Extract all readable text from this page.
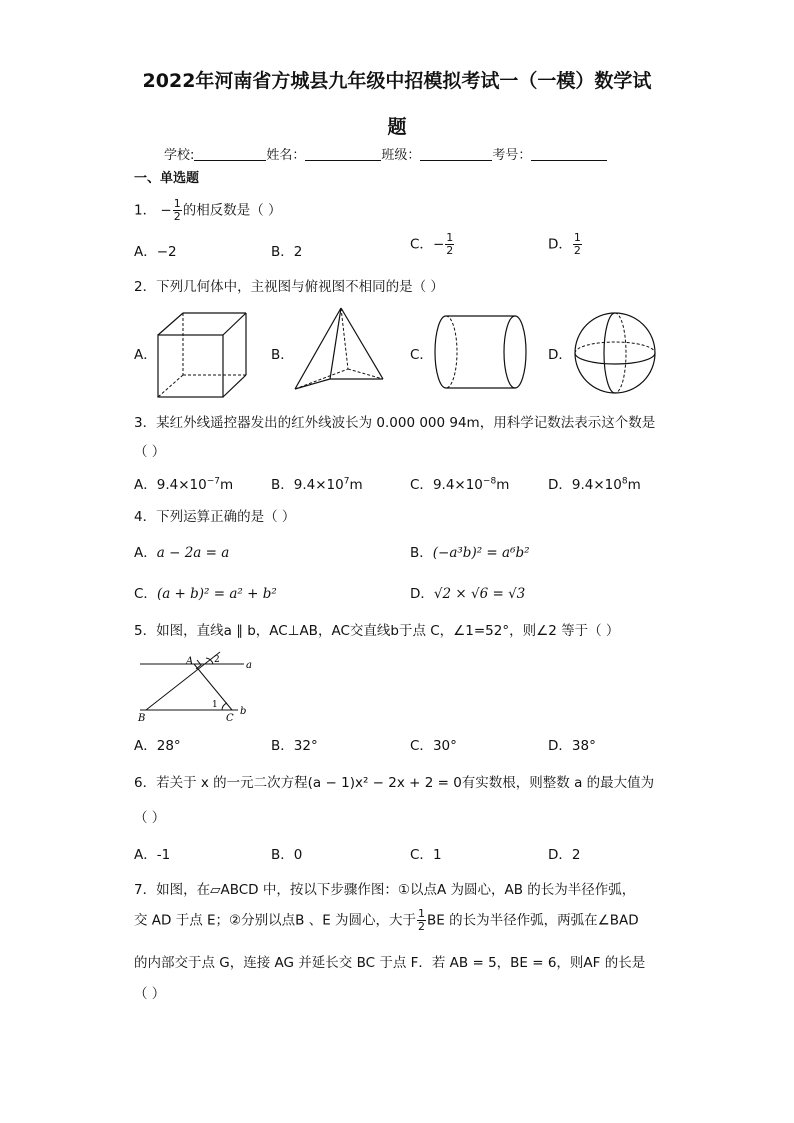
2022年河南省方城县九年级中招模拟考试一（一模）数学试
题
学校:	姓名：	班级：	考号：
一、单选题
1． − $\frac{1}{2}$ 的相反数是（ ）
A．−2	B．2	C．− $\frac{1}{2}$	D． $\frac{1}{2}$
2．下列几何体中，主视图与俯视图不相同的是（ ）
A．	B．	C．	D．
3．某红外线遥控器发出的红外线波长为 0.000 000 94m，用科学记数法表示这个数是
（ ）
A．$9.4\times 10^{-7}m$	B．$9.4\times 10^7m$	C．$9.4\times 10^{-8}m$	D．$9.4\times 10^8m$
4．下列运算正确的是（ ）
A．a − 2a = a	B．(−a³b)² = a⁶b²
C．(a + b)² = a² + b²	D．√2 × √6 = √3
5．如图，直线a ∥ b，AC⊥AB，AC交直线b于点 C，∠1=52°，则∠2 等于（ ）
A	a
B	C
b
1
2
A．28°	B．32°	C．30°	D．38°
6．若关于 x 的一元二次方程(a − 1)x² − 2x + 2 = 0有实数根，则整数 a 的最大值为
（ ）
A．-1	B．0	C．1	D．2
7．如图，在▱ABCD 中，按以下步骤作图：①以点A 为圆心，AB 的长为半径作弧，
交 AD 于点 E；②分别以点B 、E 为圆心，大于 $\frac{1}{2}$ BE 的长为半径作弧，两弧在∠BAD
的内部交于点 G，连接 AG 并延长交 BC 于点 F．若 AB = 5，BE = 6，则AF 的长是
（ ）
